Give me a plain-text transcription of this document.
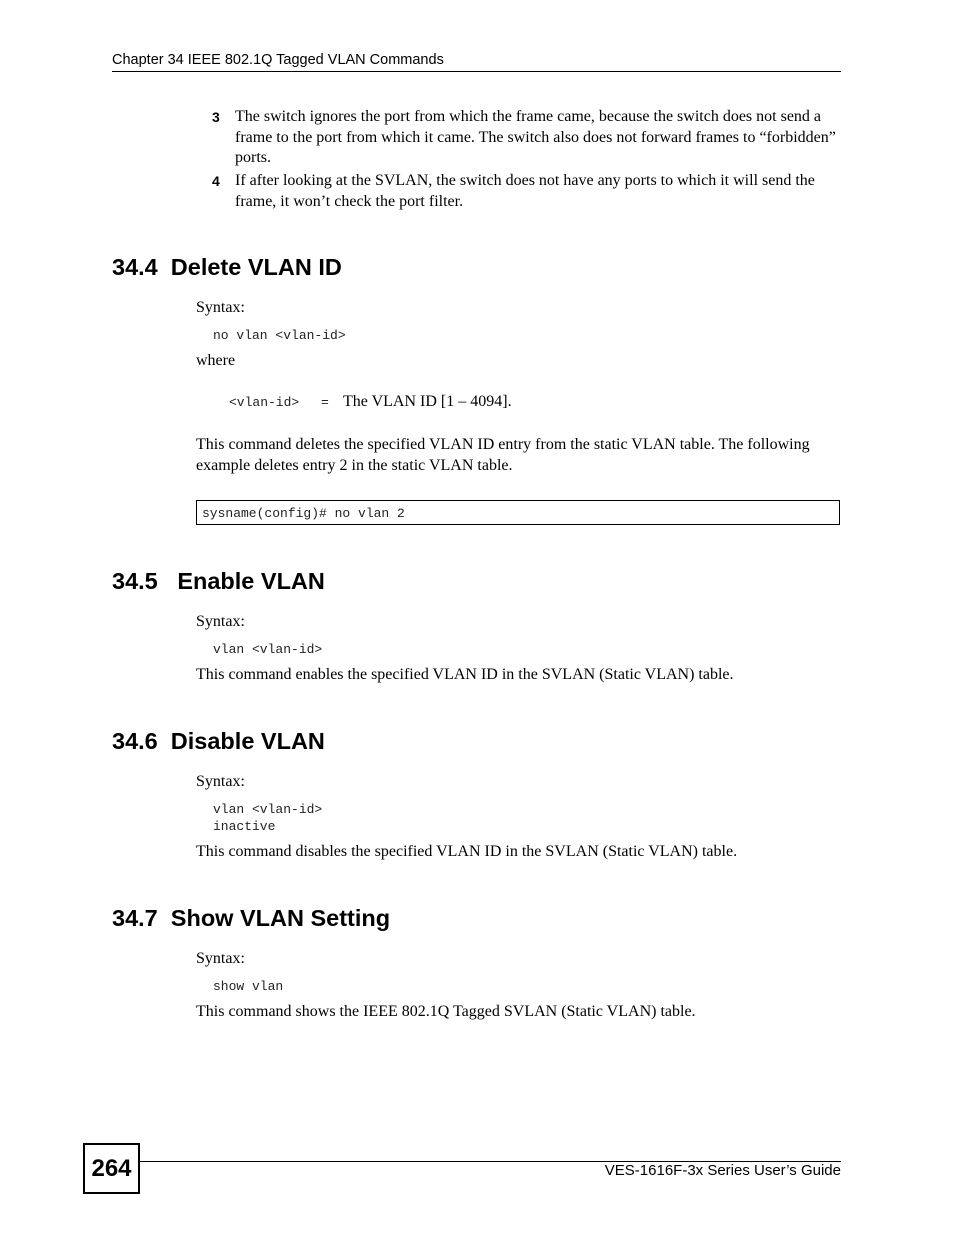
Chapter 34 IEEE 802.1Q Tagged VLAN Commands
3 The switch ignores the port from which the frame came, because the switch does not send a frame to the port from which it came. The switch also does not forward frames to “forbidden” ports.
4 If after looking at the SVLAN, the switch does not have any ports to which it will send the frame, it won’t check the port filter.
34.4  Delete VLAN ID
Syntax:
no vlan <vlan-id>
where
<vlan-id> = The VLAN ID [1 – 4094].
This command deletes the specified VLAN ID entry from the static VLAN table. The following example deletes entry 2 in the static VLAN table.
sysname(config)# no vlan 2
34.5   Enable VLAN
Syntax:
vlan <vlan-id>
This command enables the specified VLAN ID in the SVLAN (Static VLAN) table.
34.6  Disable VLAN
Syntax:
vlan <vlan-id>
inactive
This command disables the specified VLAN ID in the SVLAN (Static VLAN) table.
34.7  Show VLAN Setting
Syntax:
show vlan
This command shows the IEEE 802.1Q Tagged SVLAN (Static VLAN) table.
264	VES-1616F-3x Series User’s Guide
